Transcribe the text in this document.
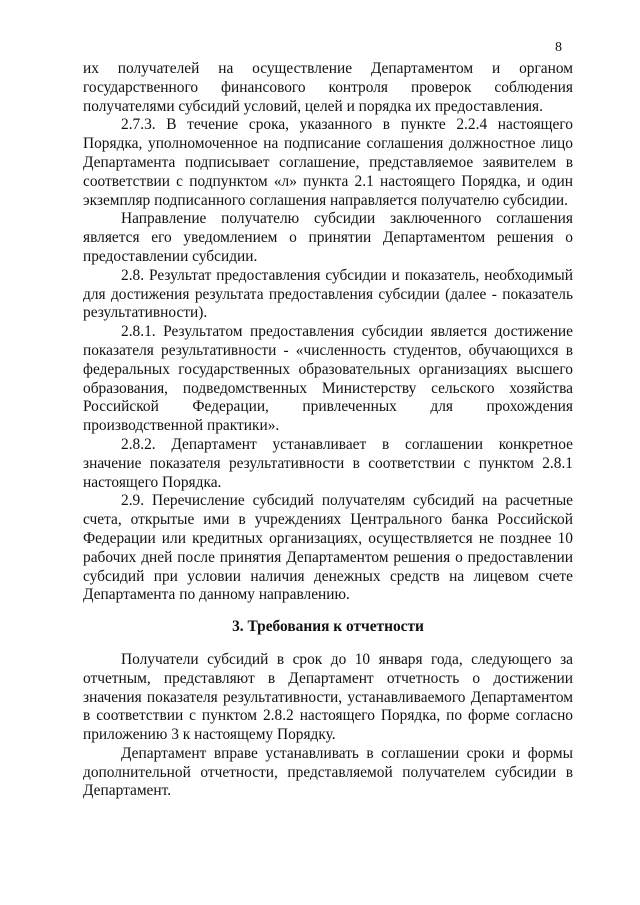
8

их получателей на осуществление Департаментом и органом государственного финансового контроля проверок соблюдения получателями субсидий условий, целей и порядка их предоставления.

2.7.3. В течение срока, указанного в пункте 2.2.4 настоящего Порядка, уполномоченное на подписание соглашения должностное лицо Департамента подписывает соглашение, представляемое заявителем в соответствии с подпунктом «л» пункта 2.1 настоящего Порядка, и один экземпляр подписанного соглашения направляется получателю субсидии.

Направление получателю субсидии заключенного соглашения является его уведомлением о принятии Департаментом решения о предоставлении субсидии.

2.8. Результат предоставления субсидии и показатель, необходимый для достижения результата предоставления субсидии (далее - показатель результативности).

2.8.1. Результатом предоставления субсидии является достижение показателя результативности - «численность студентов, обучающихся в федеральных государственных образовательных организациях высшего образования, подведомственных Министерству сельского хозяйства Российской Федерации, привлеченных для прохождения производственной практики».

2.8.2. Департамент устанавливает в соглашении конкретное значение показателя результативности в соответствии с пунктом 2.8.1 настоящего Порядка.

2.9. Перечисление субсидий получателям субсидий на расчетные счета, открытые ими в учреждениях Центрального банка Российской Федерации или кредитных организациях, осуществляется не позднее 10 рабочих дней после принятия Департаментом решения о предоставлении субсидий при условии наличия денежных средств на лицевом счете Департамента по данному направлению.

3. Требования к отчетности

Получатели субсидий в срок до 10 января года, следующего за отчетным, представляют в Департамент отчетность о достижении значения показателя результативности, устанавливаемого Департаментом в соответствии с пунктом 2.8.2 настоящего Порядка, по форме согласно приложению 3 к настоящему Порядку.

Департамент вправе устанавливать в соглашении сроки и формы дополнительной отчетности, представляемой получателем субсидии в Департамент.
